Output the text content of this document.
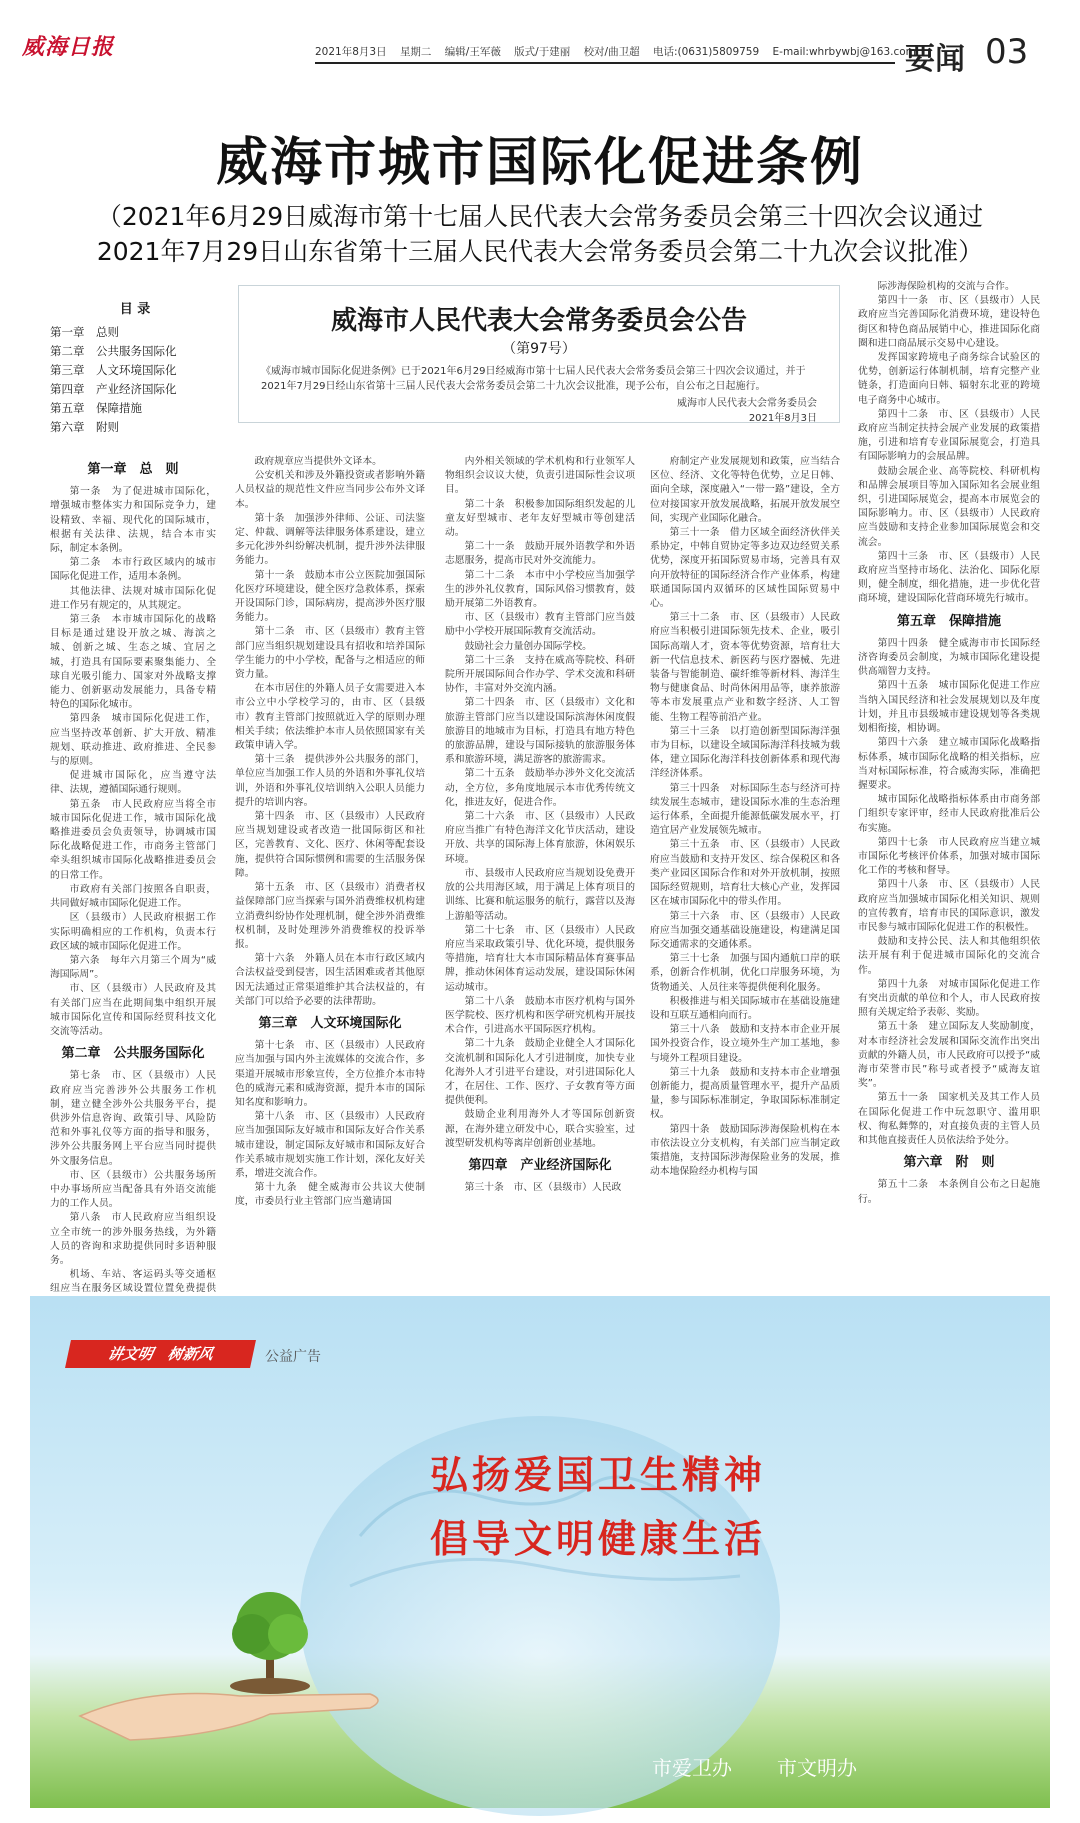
威海日报	2021年8月3日 星期二 编辑/王军薇 版式/于建丽 校对/曲卫超 电话:(0631)5809759 E-mail:whrbywbj@163.com
要闻 03
威海市城市国际化促进条例
（2021年6月29日威海市第十七届人民代表大会常务委员会第三十四次会议通过
2021年7月29日山东省第十三届人民代表大会常务委员会第二十九次会议批准）
目 录
第一章　总则
第二章　公共服务国际化
第三章　人文环境国际化
第四章　产业经济国际化
第五章　保障措施
第六章　附则
威海市人民代表大会常务委员会公告
（第97号）
《威海市城市国际化促进条例》已于2021年6月29日经威海市第十七届人民代表大会常务委员会第三十四次会议通过，并于2021年7月29日经山东省第十三届人民代表大会常务委员会第二十九次会议批准，现予公布，自公布之日起施行。
威海市人民代表大会常务委员会
2021年8月3日
第一章　总　则

第一条　为了促进城市国际化，增强城市整体实力和国际竞争力，建设精致、幸福、现代化的国际城市，根据有关法律、法规，结合本市实际，制定本条例。

第二条　本市行政区域内的城市国际化促进工作，适用本条例。

其他法律、法规对城市国际化促进工作另有规定的，从其规定。

第三条　本市城市国际化的战略目标是通过建设开放之城、海滨之城、创新之城、生态之城、宜居之城，打造具有国际要素聚集能力、全球自光吸引能力、国家对外战略支撑能力、创新驱动发展能力，具备专精特色的国际化城市。

第四条　城市国际化促进工作，应当坚持改革创新、扩大开放、精准规划、联动推进、政府推进、全民参与的原则。

促进城市国际化，应当遵守法律、法规，遵循国际通行规则。

第五条　市人民政府应当将全市城市国际化促进工作，城市国际化战略推进委员会负责领导，协调城市国际化战略促进工作，市商务主管部门牵头组织城市国际化战略推进委员会的日常工作。

市政府有关部门按照各自职责，共同做好城市国际化促进工作。

区（县级市）人民政府根据工作实际明确相应的工作机构，负责本行政区域的城市国际化促进工作。

第六条　每年六月第三个周为“威海国际周”。

市、区（县级市）人民政府及其有关部门应当在此期间集中组织开展城市国际化宣传和国际经贸科技文化交流等活动。

第二章　公共服务国际化

第七条　市、区（县级市）人民政府应当完善涉外公共服务工作机制，建立健全涉外公共服务平台，提供涉外信息咨询、政策引导、风险防范和外事礼仪等方面的指导和服务，涉外公共服务网上平台应当同时提供外文服务信息。

市、区（县级市）公共服务场所中办事场所应当配备具有外语交流能力的工作人员。

第八条　市人民政府应当组织设立全市统一的涉外服务热线，为外籍人员的咨询和求助提供同时多语种服务。

机场、车站、客运码头等交通枢纽应当在服务区域设置位置免费提供

政府规章应当提供外文译本。

公安机关和涉及外籍投资或者影响外籍人员权益的规范性文件应当同步公布外文译本。

第十条　加强涉外律师、公证、司法鉴定、仲裁、调解等法律服务体系建设，建立多元化涉外纠纷解决机制，提升涉外法律服务能力。

第十一条　鼓励本市公立医院加强国际化医疗环境建设，健全医疗急救体系，探索开设国际门诊，国际病房，提高涉外医疗服务能力。

第十二条　市、区（县级市）教育主管部门应当组织规划建设具有招收和培养国际学生能力的中小学校，配备与之相适应的师资力量。

在本市居住的外籍人员子女需要进入本市公立中小学校学习的，由市、区（县级市）教育主管部门按照就近入学的原则办理相关手续；依法维护本市人员依照国家有关政策申请入学。

第十三条　提供涉外公共服务的部门，单位应当加强工作人员的外语和外事礼仪培训，外语和外事礼仪培训纳入公职人员能力提升的培训内容。

第十四条　市、区（县级市）人民政府应当规划建设或者改造一批国际街区和社区，完善教育、文化、医疗、休闲等配套设施，提供符合国际惯例和需要的生活服务保障。

第十五条　市、区（县级市）消费者权益保障部门应当探索与国外消费维权机构建立消费纠纷协作处理机制，健全涉外消费维权机制，及时处理涉外消费维权的投诉举报。

第十六条　外籍人员在本市行政区域内合法权益受到侵害，因生活困难或者其他原因无法通过正常渠道维护其合法权益的，有关部门可以给予必要的法律帮助。

第三章　人文环境国际化

第十七条　市、区（县级市）人民政府应当加强与国内外主流媒体的交流合作，多渠道开展城市形象宣传，全方位推介本市特色的威海元素和威海资源，提升本市的国际知名度和影响力。

第十八条　市、区（县级市）人民政府应当加强国际友好城市和国际友好合作关系城市建设，制定国际友好城市和国际友好合作关系城市规划实施工作计划，深化友好关系，增进交流合作。

第十九条　健全威海市公共议大使制度，市委员行业主管部门应当邀请国

内外相关领域的学术机构和行业领军人物组织会议议大使，负责引进国际性会议项目。

第二十条　积极参加国际组织发起的儿童友好型城市、老年友好型城市等创建活动。

第二十一条　鼓励开展外语教学和外语志愿服务，提高市民对外交流能力。

第二十二条　本市中小学校应当加强学生的涉外礼仪教育，国际风俗习惯教育，鼓励开展第二外语教育。

市、区（县级市）教育主管部门应当鼓励中小学校开展国际教育交流活动。

鼓励社会力量创办国际学校。

第二十三条　支持在威高等院校、科研院所开展国际间合作办学、学术交流和科研协作，丰富对外交流内涵。

第二十四条　市、区（县级市）文化和旅游主管部门应当以建设国际滨海休闲度假旅游目的地城市为目标，打造具有地方特色的旅游品牌，建设与国际接轨的旅游服务体系和旅游环境，满足游客的旅游需求。

第二十五条　鼓励举办涉外文化交流活动，全方位，多角度地展示本市优秀传统文化，推进友好，促进合作。

第二十六条　市、区（县级市）人民政府应当推广有特色海洋文化节庆活动，建设开放、共享的国际海上体育旅游，休闲娱乐环境。

市、县级市人民政府应当规划设免费开放的公共用海区域，用于满足上体育项目的训练、比赛和航运服务的航行，露营以及海上游船等活动。

第二十七条　市、区（县级市）人民政府应当采取政策引导、优化环境，提供服务等措施，培育壮大本市国际精品体育赛事品牌，推动休闲体育运动发展，建设国际休闲运动城市。

第二十八条　鼓励本市医疗机构与国外医学院校、医疗机构和医学研究机构开展技术合作，引进高水平国际医疗机构。

第二十九条　鼓励企业健全人才国际化交流机制和国际化人才引进制度，加快专业化海外人才引进平台建设，对引进国际化人才，在居住、工作、医疗、子女教育等方面提供便利。

鼓励企业利用海外人才等国际创新资源，在海外建立研发中心，联合实验室，过渡型研发机构等离岸创新创业基地。

第四章　产业经济国际化

第三十条　市、区（县级市）人民政

府制定产业发展规划和政策，应当结合区位、经济、文化等特色优势，立足日韩、面向全球，深度融入“一带一路”建设，全方位对接国家开放发展战略，拓展开放发展空间，实现产业国际化融合。

第三十一条　借力区域全面经济伙伴关系协定，中韩自贸协定等多边双边经贸关系优势，深度开拓国际贸易市场，完善具有双向开放特征的国际经济合作产业体系，构建联通国际国内双循环的区域性国际贸易中心。

第三十二条　市、区（县级市）人民政府应当积极引进国际领先技术、企业，吸引国际高端人才，资本等优势资源，培育壮大新一代信息技术、新医药与医疗器械、先进装备与智能制造、碳纤维等新材料、海洋生物与健康食品、时尚休闲用品等，康养旅游等本市发展重点产业和数字经济、人工智能、生物工程等前沿产业。

第三十三条　以打造创新型国际海洋强市为目标，以建设全域国际海洋科技城为载体，建立国际化海洋科技创新体系和现代海洋经济体系。

第三十四条　对标国际生态与经济可持续发展生态城市，建设国际水准的生态治理运行体系，全面提升能源低碳发展水平，打造宜居产业发展领先城市。

第三十五条　市、区（县级市）人民政府应当鼓励和支持开发区、综合保税区和各类产业园区国际合作和对外开放机制，按照国际经贸规则，培育壮大核心产业，发挥园区在城市国际化中的带头作用。

第三十六条　市、区（县级市）人民政府应当加强交通基础设施建设，构建满足国际交通需求的交通体系。

第三十七条　加强与国内通航口岸的联系，创新合作机制，优化口岸服务环境，为货物通关、人员往来等提供便利化服务。

积极推进与相关国际城市在基础设施建设和互联互通相向而行。

第三十八条　鼓励和支持本市企业开展国外投资合作，设立境外生产加工基地，参与境外工程项目建设。

第三十九条　鼓励和支持本市企业增强创新能力，提高质量管理水平，提升产品质量，参与国际标准制定，争取国际标准制定权。

第四十条　鼓励国际涉海保险机构在本市依法设立分支机构，有关部门应当制定政策措施，支持国际涉海保险业务的发展，推动本地保险经办机构与国

际涉海保险机构的交流与合作。

第四十一条　市、区（县级市）人民政府应当完善国际化消费环境，建设特色街区和特色商品展销中心，推进国际化商圈和进口商品展示交易中心建设。

发挥国家跨境电子商务综合试验区的优势，创新运行体制机制，培育完整产业链条，打造面向日韩、辐射东北亚的跨境电子商务中心城市。

第四十二条　市、区（县级市）人民政府应当制定扶持会展产业发展的政策措施，引进和培育专业国际展览会，打造具有国际影响力的会展品牌。

鼓励会展企业、高等院校、科研机构和品牌会展项目等加入国际知名会展业组织，引进国际展览会，提高本市展览会的国际影响力。市、区（县级市）人民政府应当鼓励和支持企业参加国际展览会和交流会。

第四十三条　市、区（县级市）人民政府应当坚持市场化、法治化、国际化原则，健全制度，细化措施，进一步优化营商环境，建设国际化营商环境先行城市。

第五章　保障措施

第四十四条　健全威海市市长国际经济咨询委员会制度，为城市国际化建设提供高端智力支持。

第四十五条　城市国际化促进工作应当纳入国民经济和社会发展规划以及年度计划，并且市县级城市建设规划等各类规划相衔接，相协调。

第四十六条　建立城市国际化战略指标体系，城市国际化战略的相关指标，应当对标国际标准，符合威海实际，准确把握要求。

城市国际化战略指标体系由市商务部门组织专家评审，经市人民政府批准后公布实施。

第四十七条　市人民政府应当建立城市国际化考核评价体系，加强对城市国际化工作的考核和督导。

第四十八条　市、区（县级市）人民政府应当加强城市国际化相关知识、规则的宣传教育，培育市民的国际意识，激发市民参与城市国际化促进工作的积极性。

鼓励和支持公民、法人和其他组织依法开展有利于促进城市国际化的交流合作。

第四十九条　对城市国际化促进工作有突出贡献的单位和个人，市人民政府按照有关规定给予表彰、奖励。

第五十条　建立国际友人奖励制度，对本市经济社会发展和国际交流作出突出贡献的外籍人员，市人民政府可以授予“威海市荣誉市民”称号或者授予“威海友谊奖”。

第五十一条　国家机关及其工作人员在国际化促进工作中玩忽职守、滥用职权、徇私舞弊的，对直接负责的主管人员和其他直接责任人员依法给予处分。

第六章　附　则

第五十二条　本条例自公布之日起施行。

讲文明　树新风	公益广告
弘扬爱国卫生精神
倡导文明健康生活
市爱卫办 市文明办
